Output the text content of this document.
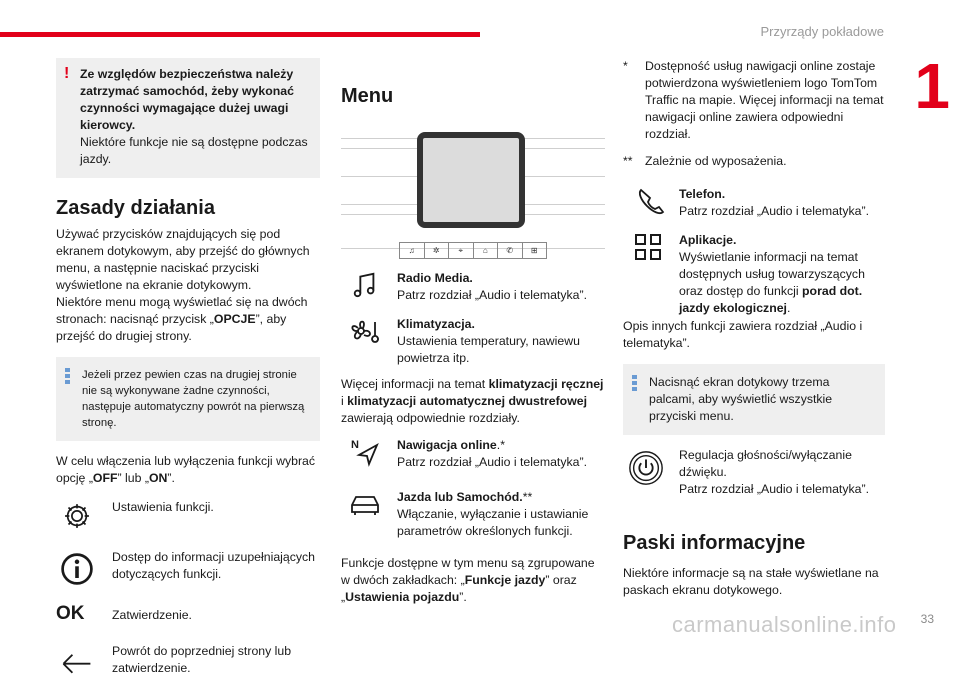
Przyrządy pokładowe
1
33
carmanualsonline.info
! Ze względów bezpieczeństwa należy zatrzymać samochód, żeby wykonać czynności wymagające dużej uwagi kierowcy.
Niektóre funkcje nie są dostępne podczas jazdy.
Zasady działania
Używać przycisków znajdujących się pod ekranem dotykowym, aby przejść do głównych menu, a następnie naciskać przyciski wyświetlone na ekranie dotykowym.
Niektóre menu mogą wyświetlać się na dwóch stronach: nacisnąć przycisk „OPCJE”, aby przejść do drugiej strony.
Jeżeli przez pewien czas na drugiej stronie nie są wykonywane żadne czynności, następuje automatyczny powrót na pierwszą stronę.
W celu włączenia lub wyłączenia funkcji wybrać opcję „OFF” lub „ON”.
Ustawienia funkcji.
Dostęp do informacji uzupełniających dotyczących funkcji.
OK	Zatwierdzenie.
Powrót do poprzedniej strony lub zatwierdzenie.
Menu
♫	✲	⌖	⌂	✆	⊞
Radio Media.
Patrz rozdział „Audio i telematyka”.
Klimatyzacja.
Ustawienia temperatury, nawiewu powietrza itp.
Więcej informacji na temat klimatyzacji ręcznej i klimatyzacji automatycznej dwustrefowej zawierają odpowiednie rozdziały.
N	Nawigacja online.*
Patrz rozdział „Audio i telematyka”.
Jazda lub Samochód.**
Włączanie, wyłączanie i ustawianie parametrów określonych funkcji.
Funkcje dostępne w tym menu są zgrupowane w dwóch zakładkach: „Funkcje jazdy” oraz „Ustawienia pojazdu”.
* Dostępność usług nawigacji online zostaje potwierdzona wyświetleniem logo TomTom Traffic na mapie. Więcej informacji na temat nawigacji online zawiera odpowiedni rozdział.
** Zależnie od wyposażenia.
Telefon.
Patrz rozdział „Audio i telematyka”.
Aplikacje.
Wyświetlanie informacji na temat dostępnych usług towarzyszących oraz dostęp do funkcji porad dot. jazdy ekologicznej.
Opis innych funkcji zawiera rozdział „Audio i telematyka”.
Nacisnąć ekran dotykowy trzema palcami, aby wyświetlić wszystkie przyciski menu.
Regulacja głośności/wyłączanie dźwięku.
Patrz rozdział „Audio i telematyka”.
Paski informacyjne
Niektóre informacje są na stałe wyświetlane na paskach ekranu dotykowego.
